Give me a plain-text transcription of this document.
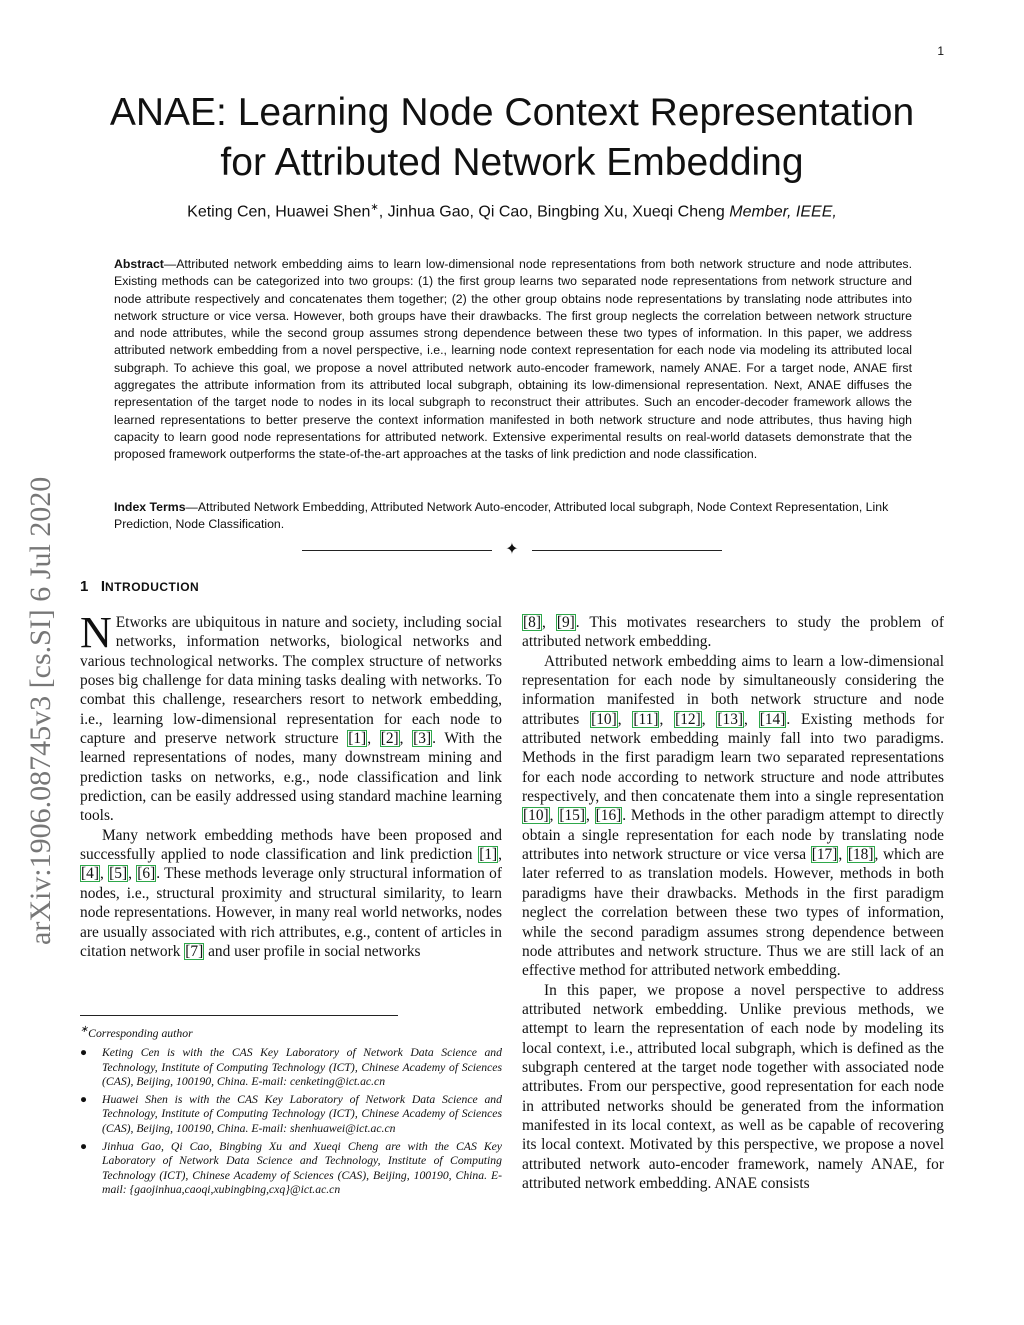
1
arXiv:1906.08745v3 [cs.SI] 6 Jul 2020
ANAE: Learning Node Context Representation
for Attributed Network Embedding
Keting Cen, Huawei Shen∗, Jinhua Gao, Qi Cao, Bingbing Xu, Xueqi Cheng Member, IEEE,

Abstract—Attributed network embedding aims to learn low-dimensional node representations from both network structure and node attributes. Existing methods can be categorized into two groups: (1) the first group learns two separated node representations from network structure and node attribute respectively and concatenates them together; (2) the other group obtains node representations by translating node attributes into network structure or vice versa. However, both groups have their drawbacks. The first group neglects the correlation between network structure and node attributes, while the second group assumes strong dependence between these two types of information. In this paper, we address attributed network embedding from a novel perspective, i.e., learning node context representation for each node via modeling its attributed local subgraph. To achieve this goal, we propose a novel attributed network auto-encoder framework, namely ANAE. For a target node, ANAE first aggregates the attribute information from its attributed local subgraph, obtaining its low-dimensional representation. Next, ANAE diffuses the representation of the target node to nodes in its local subgraph to reconstruct their attributes. Such an encoder-decoder framework allows the learned representations to better preserve the context information manifested in both network structure and node attributes, thus having high capacity to learn good node representations for attributed network. Extensive experimental results on real-world datasets demonstrate that the proposed framework outperforms the state-of-the-art approaches at the tasks of link prediction and node classification.

Index Terms—Attributed Network Embedding, Attributed Network Auto-encoder, Attributed local subgraph, Node Context Representation, Link Prediction, Node Classification.

✦
1 INTRODUCTION

N Etworks are ubiquitous in nature and society, including social networks, information networks, biological networks and various technological networks. The complex structure of networks poses big challenge for data mining tasks dealing with networks. To combat this challenge, researchers resort to network embedding, i.e., learning low-dimensional representation for each node to capture and preserve network structure [1], [2], [3]. With the learned representations of nodes, many downstream mining and prediction tasks on networks, e.g., node classification and link prediction, can be easily addressed using standard machine learning tools.

Many network embedding methods have been proposed and successfully applied to node classification and link prediction [1], [4], [5], [6]. These methods leverage only structural information of nodes, i.e., structural proximity and structural similarity, to learn node representations. However, in many real world networks, nodes are usually associated with rich attributes, e.g., content of articles in citation network [7] and user profile in social networks

[8], [9]. This motivates researchers to study the problem of attributed network embedding.

Attributed network embedding aims to learn a low-dimensional representation for each node by simultaneously considering the information manifested in both network structure and node attributes [10], [11], [12], [13], [14]. Existing methods for attributed network embedding mainly fall into two paradigms. Methods in the first paradigm learn two separated representations for each node according to network structure and node attributes respectively, and then concatenate them into a single representation [10], [15], [16]. Methods in the other paradigm attempt to directly obtain a single representation for each node by translating node attributes into network structure or vice versa [17], [18], which are later referred to as translation models. However, methods in both paradigms have their drawbacks. Methods in the first paradigm neglect the correlation between these two types of information, while the second paradigm assumes strong dependence between node attributes and network structure. Thus we are still lack of an effective method for attributed network embedding.

In this paper, we propose a novel perspective to address attributed network embedding. Unlike previous methods, we attempt to learn the representation of each node by modeling its local context, i.e., attributed local subgraph, which is defined as the subgraph centered at the target node together with associated node attributes. From our perspective, good representation for each node in attributed networks should be generated from the information manifested in its local context, as well as be capable of recovering its local context. Motivated by this perspective, we propose a novel attributed network auto-encoder framework, namely ANAE, for attributed network embedding. ANAE consists

∗Corresponding author
● Keting Cen is with the CAS Key Laboratory of Network Data Science and Technology, Institute of Computing Technology (ICT), Chinese Academy of Sciences (CAS), Beijing, 100190, China. E-mail: cenketing@ict.ac.cn
● Huawei Shen is with the CAS Key Laboratory of Network Data Science and Technology, Institute of Computing Technology (ICT), Chinese Academy of Sciences (CAS), Beijing, 100190, China. E-mail: shenhuawei@ict.ac.cn
● Jinhua Gao, Qi Cao, Bingbing Xu and Xueqi Cheng are with the CAS Key Laboratory of Network Data Science and Technology, Institute of Computing Technology (ICT), Chinese Academy of Sciences (CAS), Beijing, 100190, China. E-mail: {gaojinhua,caoqi,xubingbing,cxq}@ict.ac.cn
